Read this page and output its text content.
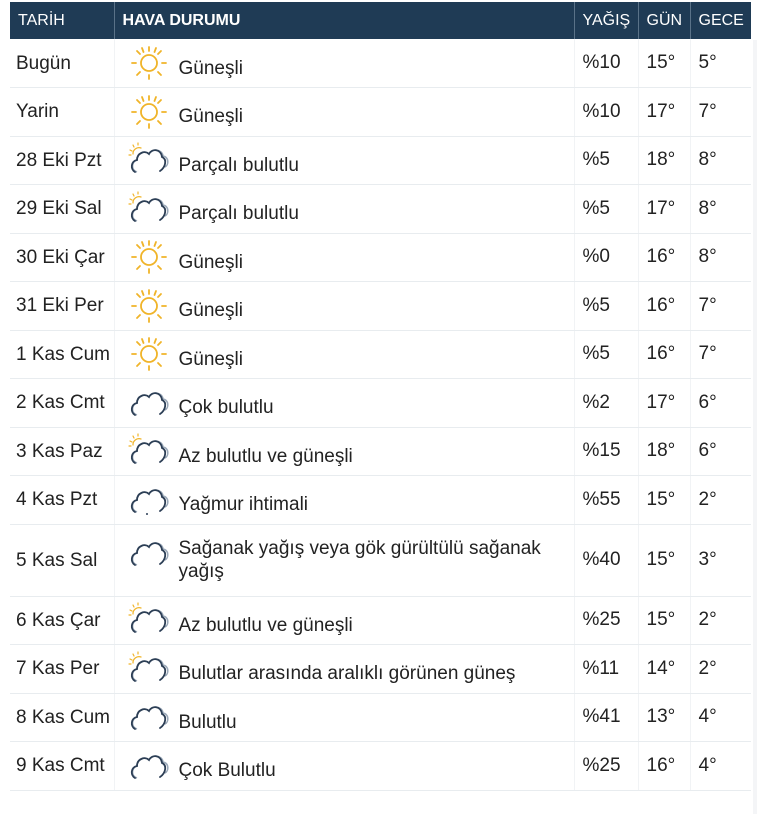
TARİH	HAVA DURUMU	YAĞIŞ	GÜN	GECE
Bugün	Güneşli	%10	15°	5°
Yarin	Güneşli	%10	17°	7°
28 Eki Pzt	Parçalı bulutlu	%5	18°	8°
29 Eki Sal	Parçalı bulutlu	%5	17°	8°
30 Eki Çar	Güneşli	%0	16°	8°
31 Eki Per	Güneşli	%5	16°	7°
1 Kas Cum	Güneşli	%5	16°	7°
2 Kas Cmt	Çok bulutlu	%2	17°	6°
3 Kas Paz	Az bulutlu ve güneşli	%15	18°	6°
4 Kas Pzt	Yağmur ihtimali	%55	15°	2°
5 Kas Sal	Sağanak yağış veya gök gürültülü sağanak yağış	%40	15°	3°
6 Kas Çar	Az bulutlu ve güneşli	%25	15°	2°
7 Kas Per	Bulutlar arasında aralıklı görünen güneş	%11	14°	2°
8 Kas Cum	Bulutlu	%41	13°	4°
9 Kas Cmt	Çok Bulutlu	%25	16°	4°
